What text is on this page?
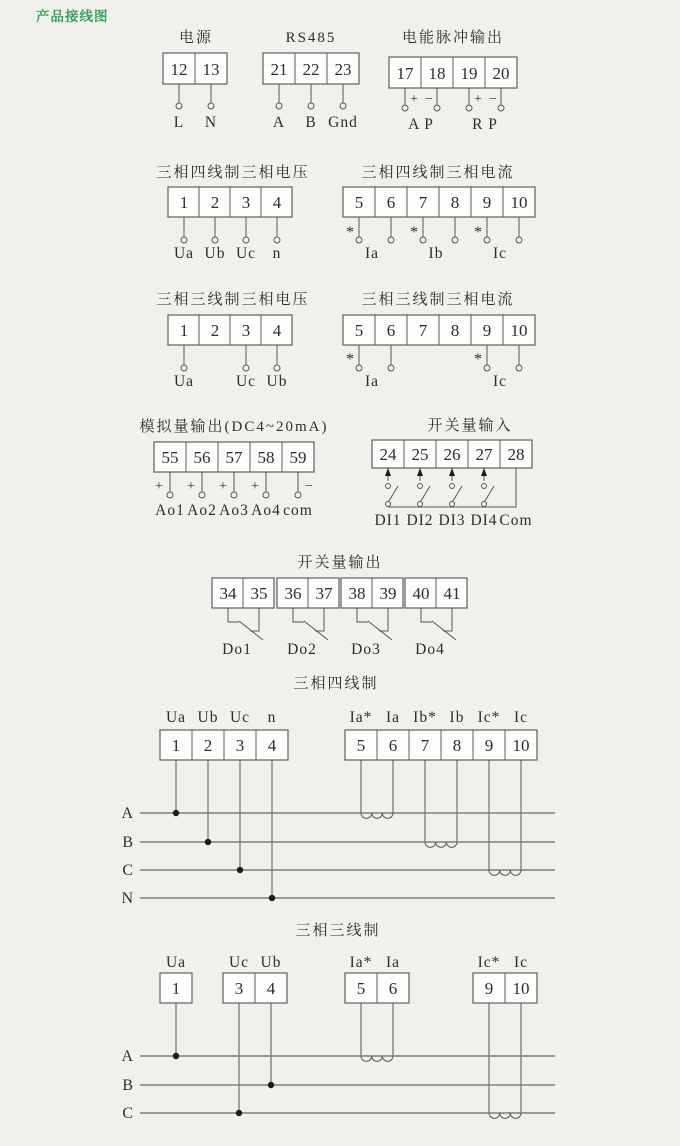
产品接线图
电源
12 13
L N
RS485
21 22 23
A B Gnd
电能脉冲输出
17 18 19 20
+ −	+ −
A P R P
三相四线制三相电压
1 2 3 4
Ua Ub Uc n
三相四线制三相电流
5 6 7 8 9 10
*	*	*
Ia	Ib	Ic
三相三线制三相电压
1 2 3 4
Ua	Uc Ub
三相三线制三相电流
5 6 7 8 9 10
*	*
Ia	Ic
模拟量输出(DC4~20mA)
55 56 57 58 59
+ + + +	−
Ao1 Ao2 Ao3 Ao4 com
开关量输入
24 25 26 27 28
DI1 DI2 DI3 DI4 Com
开关量输出
34 35 36 37 38 39 40 41
Do1 Do2 Do3 Do4
三相四线制
Ua Ub Uc n	Ia* Ia Ib* Ib Ic* Ic
1 2 3 4	5 6 7 8 9 10
A
B
C
N
三相三线制
Ua	Uc Ub	Ia* Ia	Ic* Ic
1	3 4	5 6	9 10
A
B
C
